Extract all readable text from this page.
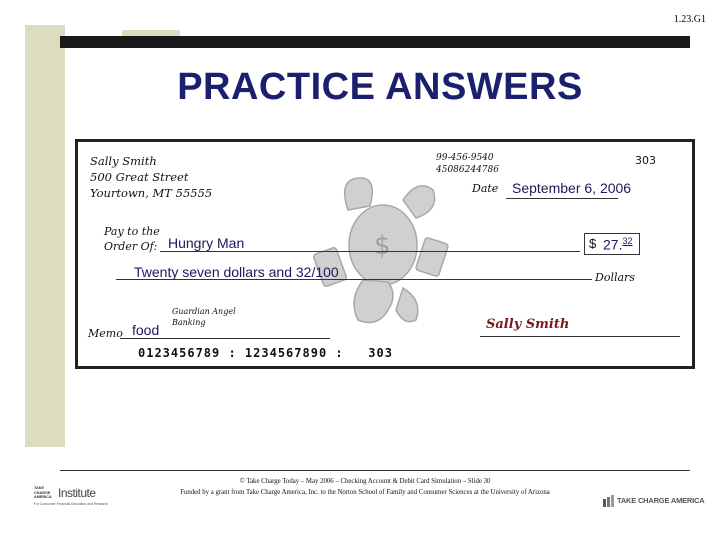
1.23.G1
PRACTICE ANSWERS
$
Sally Smith
500 Great Street
Yourtown, MT 55555
99-456-9540
45086244786
303
Date September 6, 2006
Pay to the
Order Of: Hungry Man	$ 27.32
Twenty seven dollars and 32/100	Dollars
Guardian Angel
Banking
Memo food	Sally Smith
0123456789 : 1234567890 :   303
TAKE
CHARGE
AMERICA Institute
For Consumer Financial Education and Research
© Take Charge Today – May 2006 – Checking Account & Debit Card Simulation – Slide 30
Funded by a grant from Take Charge America, Inc. to the Norton School of Family and Consumer Sciences at the University of Arizona
TAKE CHARGE AMERICA
